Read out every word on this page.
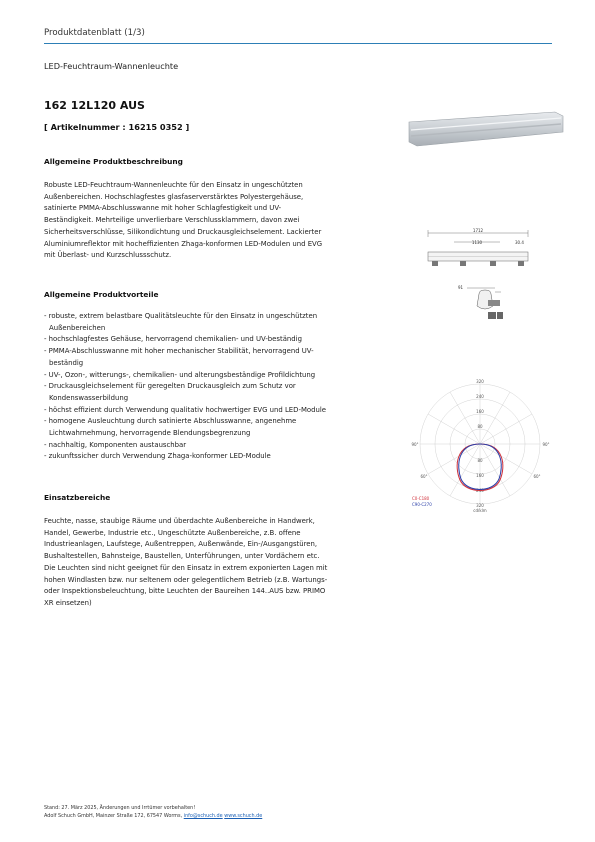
Produktdatenblatt (1/3)
LED-Feuchtraum-Wannenleuchte
162 12L120 AUS
[ Artikelnummer : 16215 0352 ]
Allgemeine Produktbeschreibung

Robuste LED-Feuchtraum-Wannenleuchte für den Einsatz in ungeschützten

Außenbereichen. Hochschlagfestes glasfaserverstärktes Polyestergehäuse,

satinierte PMMA-Abschlusswanne mit hoher Schlagfestigkeit und UV-

Beständigkeit. Mehrteilige unverlierbare Verschlussklammern, davon zwei

Sicherheitsverschlüsse, Silikondichtung und Druckausgleichselement. Lackierter

Aluminiumreflektor mit hocheffizienten Zhaga-konformen LED-Modulen und EVG

mit Überlast- und Kurzschlussschutz.

Allgemeine Produktvorteile
- robuste, extrem belastbare Qualitätsleuchte für den Einsatz in ungeschützten
Außenbereichen
- hochschlagfestes Gehäuse, hervorragend chemikalien- und UV-beständig
- PMMA-Abschlusswanne mit hoher mechanischer Stabilität, hervorragend UV-
beständig
- UV-, Ozon-, witterungs-, chemikalien- und alterungsbeständige Profildichtung
- Druckausgleichselement für geregelten Druckausgleich zum Schutz vor
Kondenswasserbildung
- höchst effizient durch Verwendung qualitativ hochwertiger EVG und LED-Module
- homogene Ausleuchtung durch satinierte Abschlusswanne, angenehme
Lichtwahrnehmung, hervorragende Blendungsbegrenzung
- nachhaltig, Komponenten austauschbar
- zukunftssicher durch Verwendung Zhaga-konformer LED-Module
Einsatzbereiche

Feuchte, nasse, staubige Räume und überdachte Außenbereiche in Handwerk,

Handel, Gewerbe, Industrie etc., Ungeschützte Außenbereiche, z.B. offene

Industrieanlagen, Laufstege, Außentreppen, Außenwände, Ein-/Ausgangstüren,

Bushaltestellen, Bahnsteige, Baustellen, Unterführungen, unter Vordächern etc.

Die Leuchten sind nicht geeignet für den Einsatz in extrem exponierten Lagen mit

hohen Windlasten bzw. nur seltenem oder gelegentlichem Betrieb (z.B. Wartungs-

oder Inspektionsbeleuchtung, bitte Leuchten der Baureihen 144..AUS bzw. PRIMO

XR einsetzen)

1712
1130	30.4
91
320
240
160
80
80
160
240
320
90°	90°
60°	60°
C0-C180
C90-C270
cd/klm
Stand: 27. März 2025, Änderungen und Irrtümer vorbehalten!
Adolf Schuch GmbH, Mainzer Straße 172, 67547 Worms, info@schuch.de www.schuch.de
